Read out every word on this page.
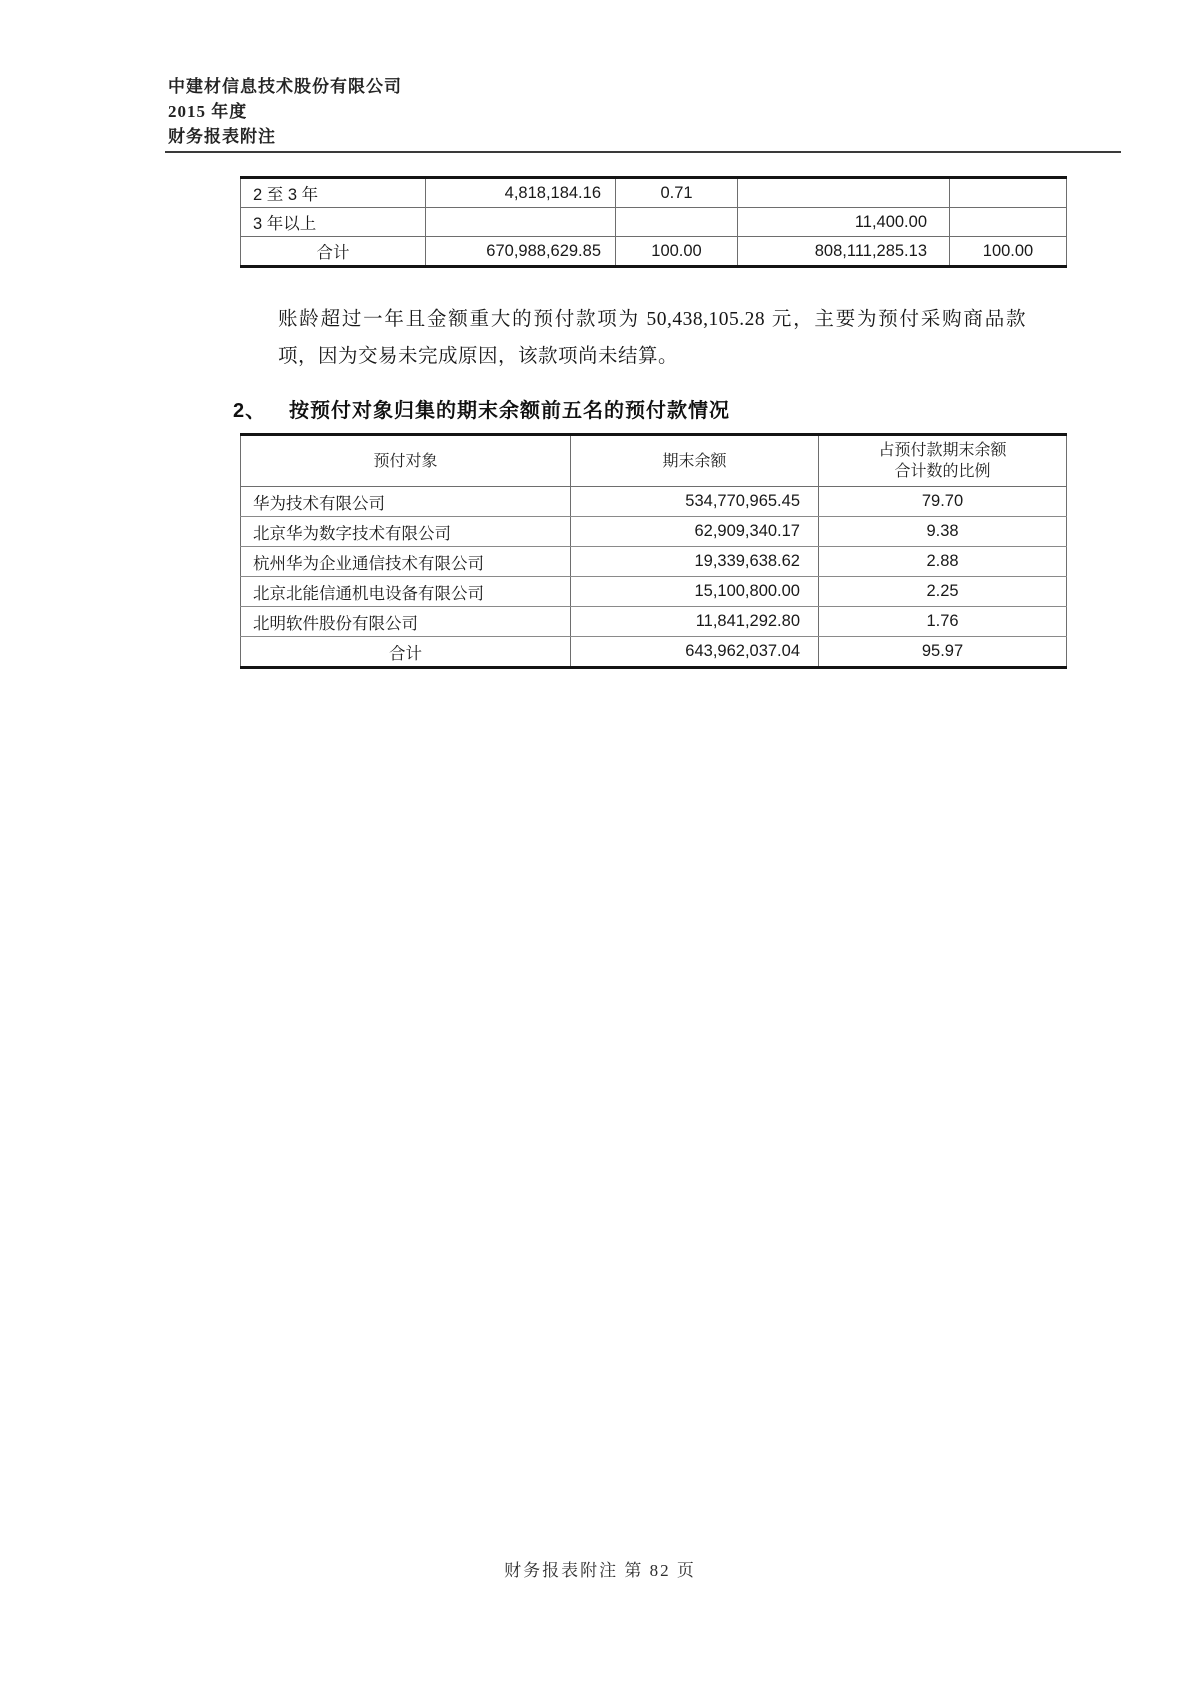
中建材信息技术股份有限公司
2015 年度
财务报表附注
2 至 3 年	4,818,184.16	0.71		
3 年以上			11,400.00	
合计	670,988,629.85	100.00	808,111,285.13	100.00

账龄超过一年且金额重大的预付款项为 50,438,105.28 元，主要为预付采购商品款项，因为交易未完成原因，该款项尚未结算。

2、 按预付对象归集的期末余额前五名的预付款情况
预付对象	期末余额	占预付款期末余额
合计数的比例
华为技术有限公司	534,770,965.45	79.70
北京华为数字技术有限公司	62,909,340.17	9.38
杭州华为企业通信技术有限公司	19,339,638.62	2.88
北京北能信通机电设备有限公司	15,100,800.00	2.25
北明软件股份有限公司	11,841,292.80	1.76
合计	643,962,037.04	95.97
财务报表附注 第 82 页
